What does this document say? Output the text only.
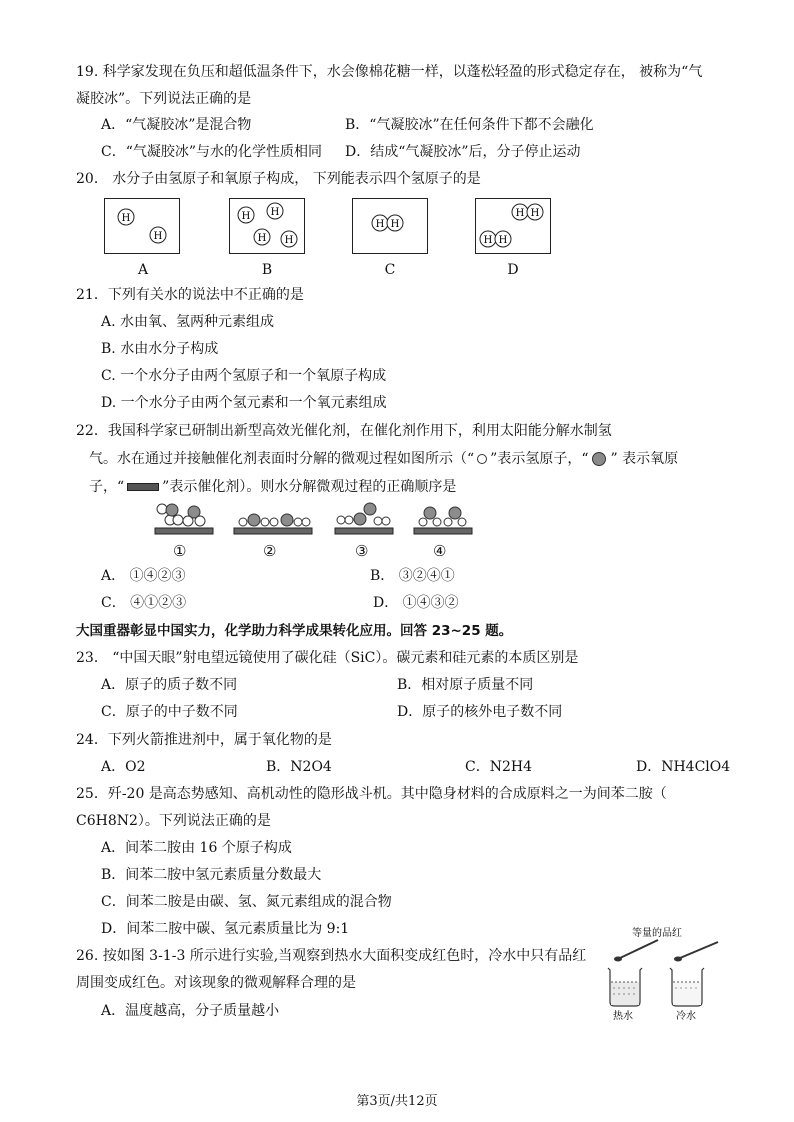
19. 科学家发现在负压和超低温条件下，水会像棉花糖一样，以蓬松轻盈的形式稳定存在， 被称为“气
凝胶冰”。下列说法正确的是
A．“气凝胶冰”是混合物	B．“气凝胶冰”在任何条件下都不会融化
C．“气凝胶冰”与水的化学性质相同 D．结成“气凝胶冰”后，分子停止运动
20． 水分子由氢原子和氧原子构成， 下列能表示四个氢原子的是
H
H
H H
H H
H H
H H
H H
A	B	C	D
21．下列有关水的说法中不正确的是
A. 水由氧、氢两种元素组成
B. 水由水分子构成
C. 一个水分子由两个氢原子和一个氧原子构成
D. 一个水分子由两个氢元素和一个氧元素组成
22．我国科学家已研制出新型高效光催化剂，在催化剂作用下，利用太阳能分解水制氢
气。水在通过并接触催化剂表面时分解的微观过程如图所示（“ ”表示氢原子，“ ” 表示氧原
子，“	”表示催化剂）。则水分解微观过程的正确顺序是
①	②	③	④
A． ①④②③	B． ③②④①
C． ④①②③	D． ①④③②
大国重器彰显中国实力，化学助力科学成果转化应用。回答 23~25 题。
23． “中国天眼”射电望远镜使用了碳化硅（SiC）。碳元素和硅元素的本质区别是
A．原子的质子数不同	B．相对原子质量不同
C．原子的中子数不同	D．原子的核外电子数不同
24．下列火箭推进剂中，属于氧化物的是
A．O2	B．N2O4	C．N2H4	D．NH4ClO4
25．歼-20 是高态势感知、高机动性的隐形战斗机。其中隐身材料的合成原料之一为间苯二胺（
C6H8N2）。下列说法正确的是
A．间苯二胺由 16 个原子构成
B．间苯二胺中氢元素质量分数最大
C．间苯二胺是由碳、氢、氮元素组成的混合物
D．间苯二胺中碳、氢元素质量比为 9:1
26. 按如图 3-1-3 所示进行实验,当观察到热水大面积变成红色时，冷水中只有品红
周围变成红色。对该现象的微观解释合理的是
A．温度越高，分子质量越小
等量的品红
热水	冷水
第3页/共12页
